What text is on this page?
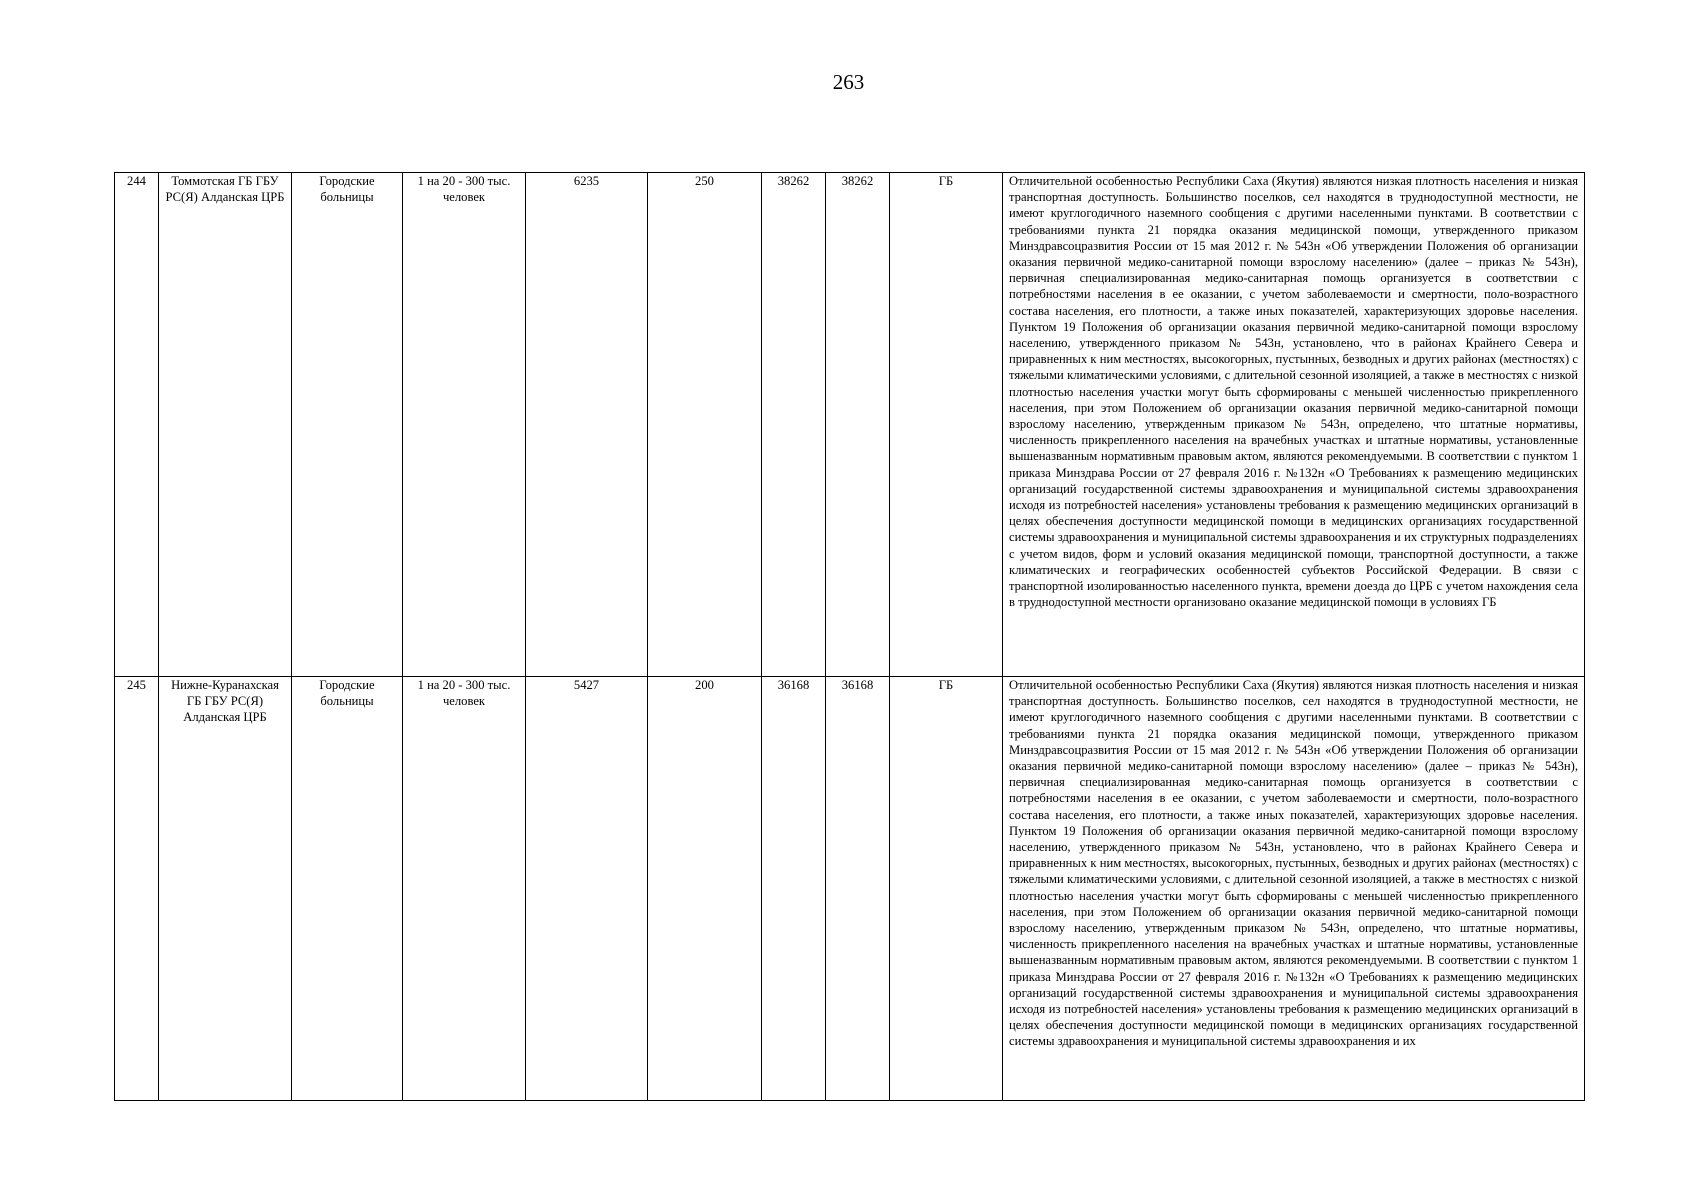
263
244	Томмотская ГБ ГБУ РС(Я) Алданская ЦРБ	Городские больницы	1 на 20 - 300 тыс. человек	6235	250	38262	38262	ГБ	Отличительной особенностью Республики Саха (Якутия) являются низкая плотность населения и низкая транспортная доступность. Большинство поселков, сел находятся в труднодоступной местности, не имеют круглогодичного наземного сообщения с другими населенными пунктами. В соответствии с требованиями пункта 21 порядка оказания медицинской помощи, утвержденного приказом Минздравсоцразвития России от 15 мая 2012 г. № 543н «Об утверждении Положения об организации оказания первичной медико-санитарной помощи взрослому населению» (далее – приказ № 543н), первичная специализированная медико-санитарная помощь организуется в соответствии с потребностями населения в ее оказании, с учетом заболеваемости и смертности, поло-возрастного состава населения, его плотности, а также иных показателей, характеризующих здоровье населения. Пунктом 19 Положения об организации оказания первичной медико-санитарной помощи взрослому населению, утвержденного приказом № 543н, установлено, что в районах Крайнего Севера и приравненных к ним местностях, высокогорных, пустынных, безводных и других районах (местностях) с тяжелыми климатическими условиями, с длительной сезонной изоляцией, а также в местностях с низкой плотностью населения участки могут быть сформированы с меньшей численностью прикрепленного населения, при этом Положением об организации оказания первичной медико-санитарной помощи взрослому населению, утвержденным приказом № 543н, определено, что штатные нормативы, численность прикрепленного населения на врачебных участках и штатные нормативы, установленные вышеназванным нормативным правовым актом, являются рекомендуемыми. В соответствии с пунктом 1 приказа Минздрава России от 27 февраля 2016 г. №132н «О Требованиях к размещению медицинских организаций государственной системы здравоохранения и муниципальной системы здравоохранения исходя из потребностей населения» установлены требования к размещению медицинских организаций в целях обеспечения доступности медицинской помощи в медицинских организациях государственной системы здравоохранения и муниципальной системы здравоохранения и их структурных подразделениях с учетом видов, форм и условий оказания медицинской помощи, транспортной доступности, а также климатических и географических особенностей субъектов Российской Федерации. В связи с транспортной изолированностью населенного пункта, времени доезда до ЦРБ с учетом нахождения села в труднодоступной местности организовано оказание медицинской помощи в условиях ГБ

245	Нижне-Куранахская ГБ ГБУ РС(Я) Алданская ЦРБ	Городские больницы	1 на 20 - 300 тыс. человек	5427	200	36168	36168	ГБ	Отличительной особенностью Республики Саха (Якутия) являются низкая плотность населения и низкая транспортная доступность. Большинство поселков, сел находятся в труднодоступной местности, не имеют круглогодичного наземного сообщения с другими населенными пунктами. В соответствии с требованиями пункта 21 порядка оказания медицинской помощи, утвержденного приказом Минздравсоцразвития России от 15 мая 2012 г. № 543н «Об утверждении Положения об организации оказания первичной медико-санитарной помощи взрослому населению» (далее – приказ № 543н), первичная специализированная медико-санитарная помощь организуется в соответствии с потребностями населения в ее оказании, с учетом заболеваемости и смертности, поло-возрастного состава населения, его плотности, а также иных показателей, характеризующих здоровье населения. Пунктом 19 Положения об организации оказания первичной медико-санитарной помощи взрослому населению, утвержденного приказом № 543н, установлено, что в районах Крайнего Севера и приравненных к ним местностях, высокогорных, пустынных, безводных и других районах (местностях) с тяжелыми климатическими условиями, с длительной сезонной изоляцией, а также в местностях с низкой плотностью населения участки могут быть сформированы с меньшей численностью прикрепленного населения, при этом Положением об организации оказания первичной медико-санитарной помощи взрослому населению, утвержденным приказом № 543н, определено, что штатные нормативы, численность прикрепленного населения на врачебных участках и штатные нормативы, установленные вышеназванным нормативным правовым актом, являются рекомендуемыми. В соответствии с пунктом 1 приказа Минздрава России от 27 февраля 2016 г. №132н «О Требованиях к размещению медицинских организаций государственной системы здравоохранения и муниципальной системы здравоохранения исходя из потребностей населения» установлены требования к размещению медицинских организаций в целях обеспечения доступности медицинской помощи в медицинских организациях государственной системы здравоохранения и муниципальной системы здравоохранения и их
